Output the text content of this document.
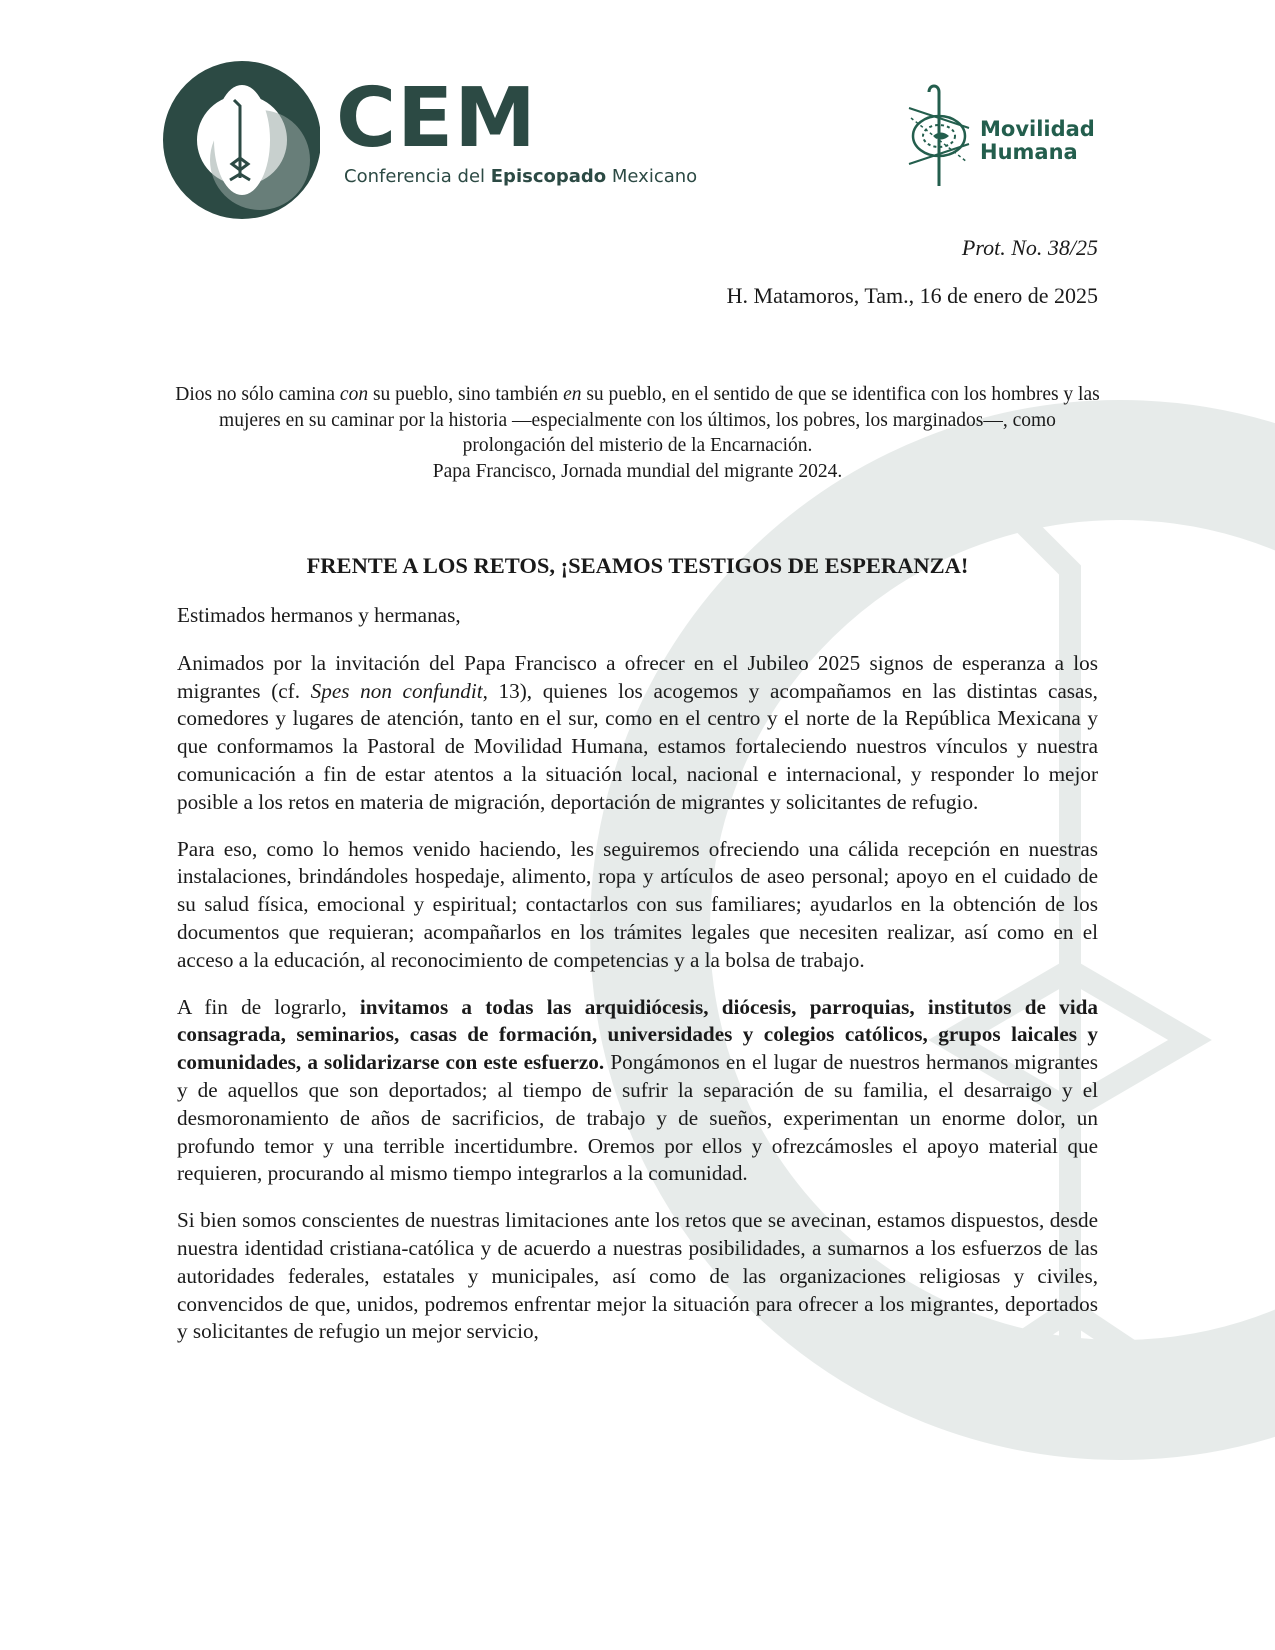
CEM
Conferencia del Episcopado Mexicano
Movilidad
Humana
Prot. No. 38/25
H. Matamoros, Tam., 16 de enero de 2025
Dios no sólo camina con su pueblo, sino también en su pueblo, en el sentido de que se identifica con los hombres y las mujeres en su caminar por la historia —especialmente con los últimos, los pobres, los marginados—, como prolongación del misterio de la Encarnación.
Papa Francisco, Jornada mundial del migrante 2024.
FRENTE A LOS RETOS, ¡SEAMOS TESTIGOS DE ESPERANZA!

Estimados hermanos y hermanas,

Animados por la invitación del Papa Francisco a ofrecer en el Jubileo 2025 signos de esperanza a los migrantes (cf. Spes non confundit, 13), quienes los acogemos y acompañamos en las distintas casas, comedores y lugares de atención, tanto en el sur, como en el centro y el norte de la República Mexicana y que conformamos la Pastoral de Movilidad Humana, estamos fortaleciendo nuestros vínculos y nuestra comunicación a fin de estar atentos a la situación local, nacional e internacional, y responder lo mejor posible a los retos en materia de migración, deportación de migrantes y solicitantes de refugio.

Para eso, como lo hemos venido haciendo, les seguiremos ofreciendo una cálida recepción en nuestras instalaciones, brindándoles hospedaje, alimento, ropa y artículos de aseo personal; apoyo en el cuidado de su salud física, emocional y espiritual; contactarlos con sus familiares; ayudarlos en la obtención de los documentos que requieran; acompañarlos en los trámites legales que necesiten realizar, así como en el acceso a la educación, al reconocimiento de competencias y a la bolsa de trabajo.

A fin de lograrlo, invitamos a todas las arquidiócesis, diócesis, parroquias, institutos de vida consagrada, seminarios, casas de formación, universidades y colegios católicos, grupos laicales y comunidades, a solidarizarse con este esfuerzo. Pongámonos en el lugar de nuestros hermanos migrantes y de aquellos que son deportados; al tiempo de sufrir la separación de su familia, el desarraigo y el desmoronamiento de años de sacrificios, de trabajo y de sueños, experimentan un enorme dolor, un profundo temor y una terrible incertidumbre. Oremos por ellos y ofrezcámosles el apoyo material que requieren, procurando al mismo tiempo integrarlos a la comunidad.

Si bien somos conscientes de nuestras limitaciones ante los retos que se avecinan, estamos dispuestos, desde nuestra identidad cristiana-católica y de acuerdo a nuestras posibilidades, a sumarnos a los esfuerzos de las autoridades federales, estatales y municipales, así como de las organizaciones religiosas y civiles, convencidos de que, unidos, podremos enfrentar mejor la situación para ofrecer a los migrantes, deportados y solicitantes de refugio un mejor servicio,
